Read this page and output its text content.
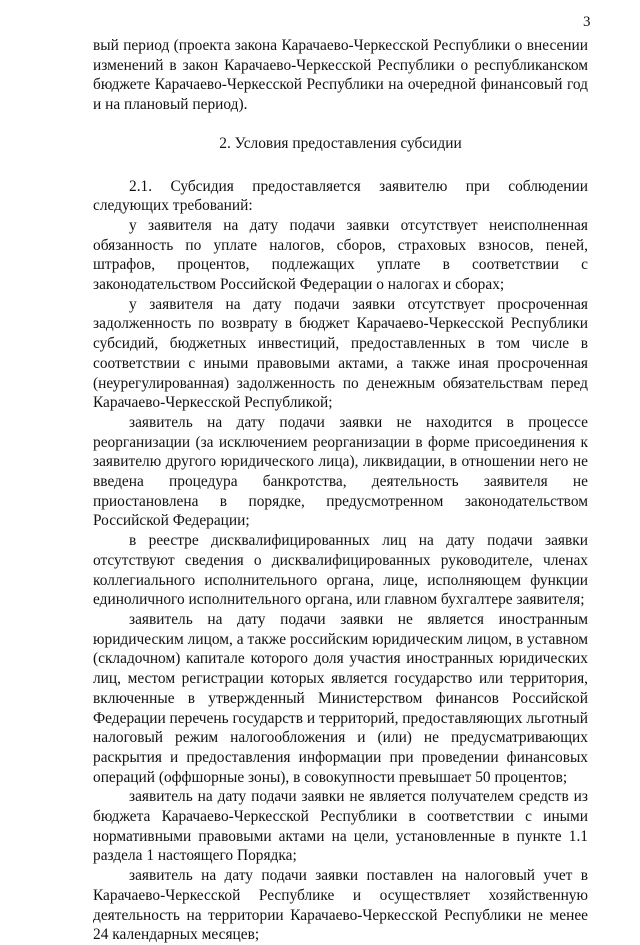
3

вый период (проекта закона Карачаево-Черкесской Республики о внесении изменений в закон Карачаево-Черкесской Республики о республиканском бюджете Карачаево-Черкесской Республики на очередной финансовый год и на плановый период).

2. Условия предоставления субсидии

2.1. Субсидия предоставляется заявителю при соблюдении следующих требований:

у заявителя на дату подачи заявки отсутствует неисполненная обязанность по уплате налогов, сборов, страховых взносов, пеней, штрафов, процентов, подлежащих уплате в соответствии с законодательством Российской Федерации о налогах и сборах;

у заявителя на дату подачи заявки отсутствует просроченная задолженность по возврату в бюджет Карачаево-Черкесской Республики субсидий, бюджетных инвестиций, предоставленных в том числе в соответствии с иными правовыми актами, а также иная просроченная (неурегулированная) задолженность по денежным обязательствам перед Карачаево-Черкесской Республикой;

заявитель на дату подачи заявки не находится в процессе реорганизации (за исключением реорганизации в форме присоединения к заявителю другого юридического лица), ликвидации, в отношении него не введена процедура банкротства, деятельность заявителя не приостановлена в порядке, предусмотренном законодательством Российской Федерации;

в реестре дисквалифицированных лиц на дату подачи заявки отсутствуют сведения о дисквалифицированных руководителе, членах коллегиального исполнительного органа, лице, исполняющем функции единоличного исполнительного органа, или главном бухгалтере заявителя;

заявитель на дату подачи заявки не является иностранным юридическим лицом, а также российским юридическим лицом, в уставном (складочном) капитале которого доля участия иностранных юридических лиц, местом регистрации которых является государство или территория, включенные в утвержденный Министерством финансов Российской Федерации перечень государств и территорий, предоставляющих льготный налоговый режим налогообложения и (или) не предусматривающих раскрытия и предоставления информации при проведении финансовых операций (оффшорные зоны), в совокупности превышает 50 процентов;

заявитель на дату подачи заявки не является получателем средств из бюджета Карачаево-Черкесской Республики в соответствии с иными нормативными правовыми актами на цели, установленные в пункте 1.1 раздела 1 настоящего Порядка;

заявитель на дату подачи заявки поставлен на налоговый учет в Карачаево-Черкесской Республике и осуществляет хозяйственную деятельность на территории Карачаево-Черкесской Республики не менее 24 календарных месяцев;
